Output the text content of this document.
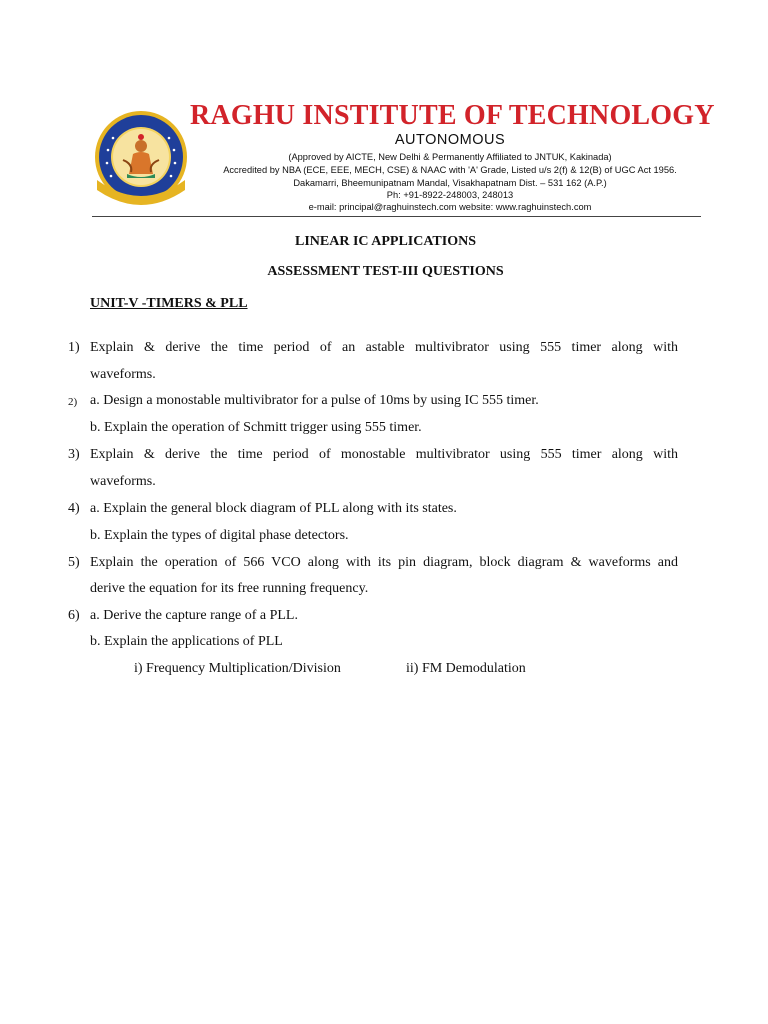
RAGHU INSTITUTE OF TECHNOLOGY
AUTONOMOUS
(Approved by AICTE, New Delhi & Permanently Affiliated to JNTUK, Kakinada)
Accredited by NBA (ECE, EEE, MECH, CSE) & NAAC with 'A' Grade, Listed u/s 2(f) & 12(B) of UGC Act 1956.
Dakamarri, Bheemunipatnam Mandal, Visakhapatnam Dist. – 531 162 (A.P.)
Ph: +91-8922-248003, 248013
e-mail: principal@raghuinstech.com website: www.raghuinstech.com
LINEAR IC APPLICATIONS
ASSESSMENT TEST-III QUESTIONS
UNIT-V -TIMERS & PLL
1) Explain & derive the time period of an astable multivibrator using 555 timer along with
waveforms.
2) a. Design a monostable multivibrator for a pulse of 10ms by using IC 555 timer.
b. Explain the operation of Schmitt trigger using 555 timer.
3) Explain & derive the time period of monostable multivibrator using 555 timer along with
waveforms.
4) a. Explain the general block diagram of PLL along with its states.
b. Explain the types of digital phase detectors.
5) Explain the operation of 566 VCO along with its pin diagram, block diagram & waveforms and
derive the equation for its free running frequency.
6) a. Derive the capture range of a PLL.
b. Explain the applications of PLL
i) Frequency Multiplication/Division	ii) FM Demodulation
